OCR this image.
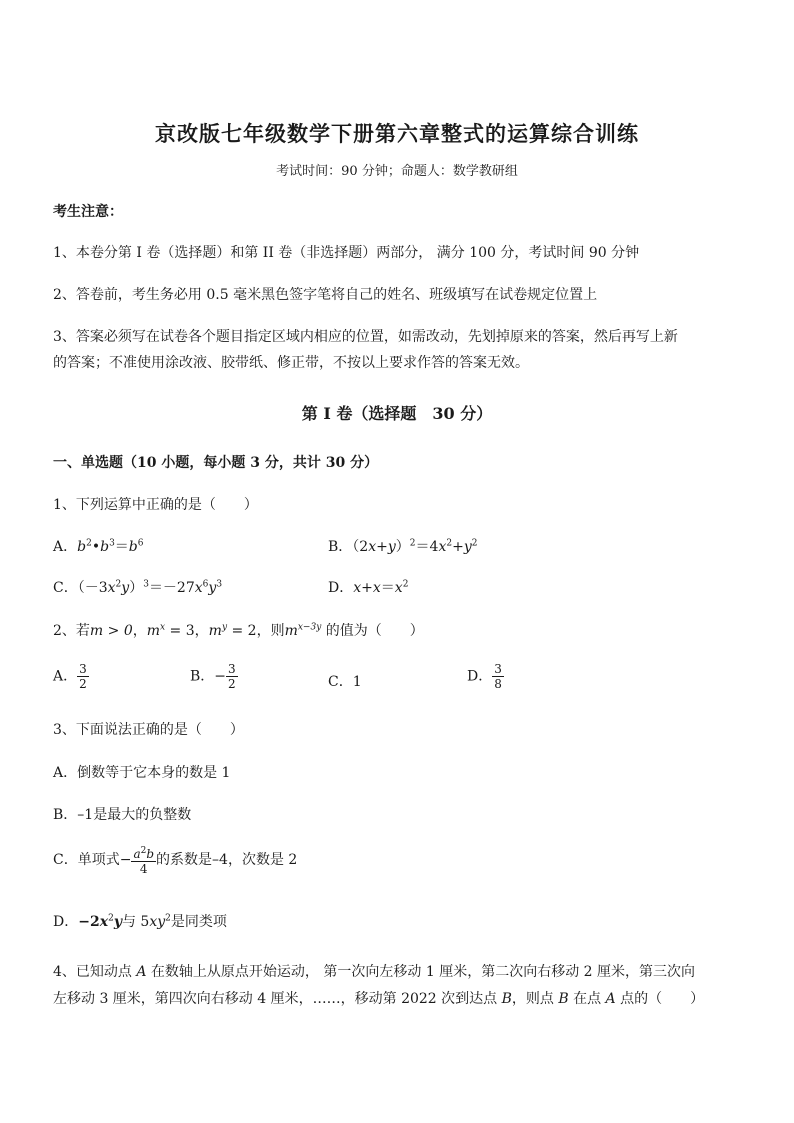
京改版七年级数学下册第六章整式的运算综合训练
考试时间：90 分钟；命题人：数学教研组
考生注意：
1、本卷分第 I 卷（选择题）和第 II 卷（非选择题）两部分， 满分 100 分，考试时间 90 分钟
2、答卷前，考生务必用 0.5 毫米黑色签字笔将自己的姓名、班级填写在试卷规定位置上
3、答案必须写在试卷各个题目指定区域内相应的位置，如需改动，先划掉原来的答案，然后再写上新
的答案；不准使用涂改液、胶带纸、修正带，不按以上要求作答的答案无效。
第 I 卷（选择题　30 分）
一、单选题（10 小题，每小题 3 分，共计 30 分）
1、下列运算中正确的是（　　）
A．$b^2•b^3=b^6$	B．$(2x+y)^2=4x^2+y^2$
C．$(-3x^2y)^3=-27x^6y^3$	D．$x+x=x^2$
2、若m > 0，$m^x = 3$，$m^y = 2$，则$m^{x-3y}$ 的值为（　　）
A． $\frac{3}{2}$	B．− $\frac{3}{2}$	C．1	D． $\frac{3}{8}$
3、下面说法正确的是（　　）
A．倒数等于它本身的数是 1
B．–1是最大的负整数
C．单项式− $\frac{a^2b}{4}$ 的系数是–4，次数是 2
D．$-2x^2y$与 $5xy^2$是同类项
4、已知动点 A 在数轴上从原点开始运动， 第一次向左移动 1 厘米，第二次向右移动 2 厘米，第三次向
左移动 3 厘米，第四次向右移动 4 厘米，……，移动第 2022 次到达点 B，则点 B 在点 A 点的（　　）
